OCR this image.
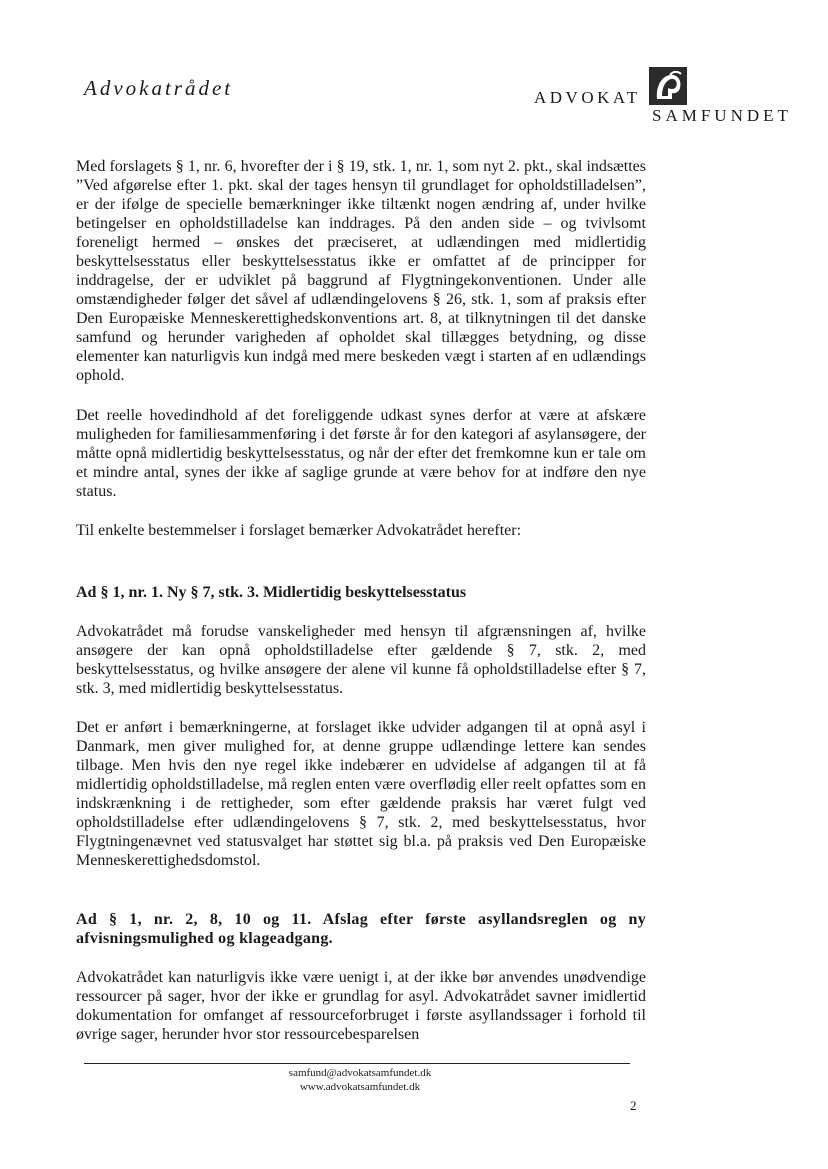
Advokatrådet	ADVOKAT
SAMFUNDET

Med forslagets § 1, nr. 6, hvorefter der i § 19, stk. 1, nr. 1, som nyt 2. pkt., skal indsættes ”Ved afgørelse efter 1. pkt. skal der tages hensyn til grundlaget for opholdstilladelsen”, er der ifølge de specielle bemærkninger ikke tiltænkt nogen ændring af, under hvilke betingelser en opholdstilladelse kan inddrages. På den anden side – og tvivlsomt foreneligt hermed – ønskes det præciseret, at udlændingen med midlertidig beskyttelsesstatus eller beskyttelsesstatus ikke er omfattet af de principper for inddragelse, der er udviklet på baggrund af Flygtningekonventionen. Under alle omstændigheder følger det såvel af udlændingelovens § 26, stk. 1, som af praksis efter Den Europæiske Menneskerettighedskonventions art. 8, at tilknytningen til det danske samfund og herunder varigheden af opholdet skal tillægges betydning, og disse elementer kan naturligvis kun indgå med mere beskeden vægt i starten af en udlændings ophold.

Det reelle hovedindhold af det foreliggende udkast synes derfor at være at afskære muligheden for familiesammenføring i det første år for den kategori af asylansøgere, der måtte opnå midlertidig beskyttelsesstatus, og når der efter det fremkomne kun er tale om et mindre antal, synes der ikke af saglige grunde at være behov for at indføre den nye status.

Til enkelte bestemmelser i forslaget bemærker Advokatrådet herefter:

Ad § 1, nr. 1. Ny § 7, stk. 3. Midlertidig beskyttelsesstatus

Advokatrådet må forudse vanskeligheder med hensyn til afgrænsningen af, hvilke ansøgere der kan opnå opholdstilladelse efter gældende § 7, stk. 2, med beskyttelsesstatus, og hvilke ansøgere der alene vil kunne få opholdstilladelse efter § 7, stk. 3, med midlertidig beskyttelsesstatus.

Det er anført i bemærkningerne, at forslaget ikke udvider adgangen til at opnå asyl i Danmark, men giver mulighed for, at denne gruppe udlændinge lettere kan sendes tilbage. Men hvis den nye regel ikke indebærer en udvidelse af adgangen til at få midlertidig opholdstilladelse, må reglen enten være overflødig eller reelt opfattes som en indskrænkning i de rettigheder, som efter gældende praksis har været fulgt ved opholdstilladelse efter udlændingelovens § 7, stk. 2, med beskyttelsesstatus, hvor Flygtningenævnet ved statusvalget har støttet sig bl.a. på praksis ved Den Europæiske Menneskerettighedsdomstol.

Ad § 1, nr. 2, 8, 10 og 11. Afslag efter første asyllandsreglen og ny afvisningsmulighed og klageadgang.

Advokatrådet kan naturligvis ikke være uenigt i, at der ikke bør anvendes unødvendige ressourcer på sager, hvor der ikke er grundlag for asyl. Advokatrådet savner imidlertid dokumentation for omfanget af ressourceforbruget i første asyllandssager i forhold til øvrige sager, herunder hvor stor ressourcebesparelsen

samfund@advokatsamfundet.dk
www.advokatsamfundet.dk
2
